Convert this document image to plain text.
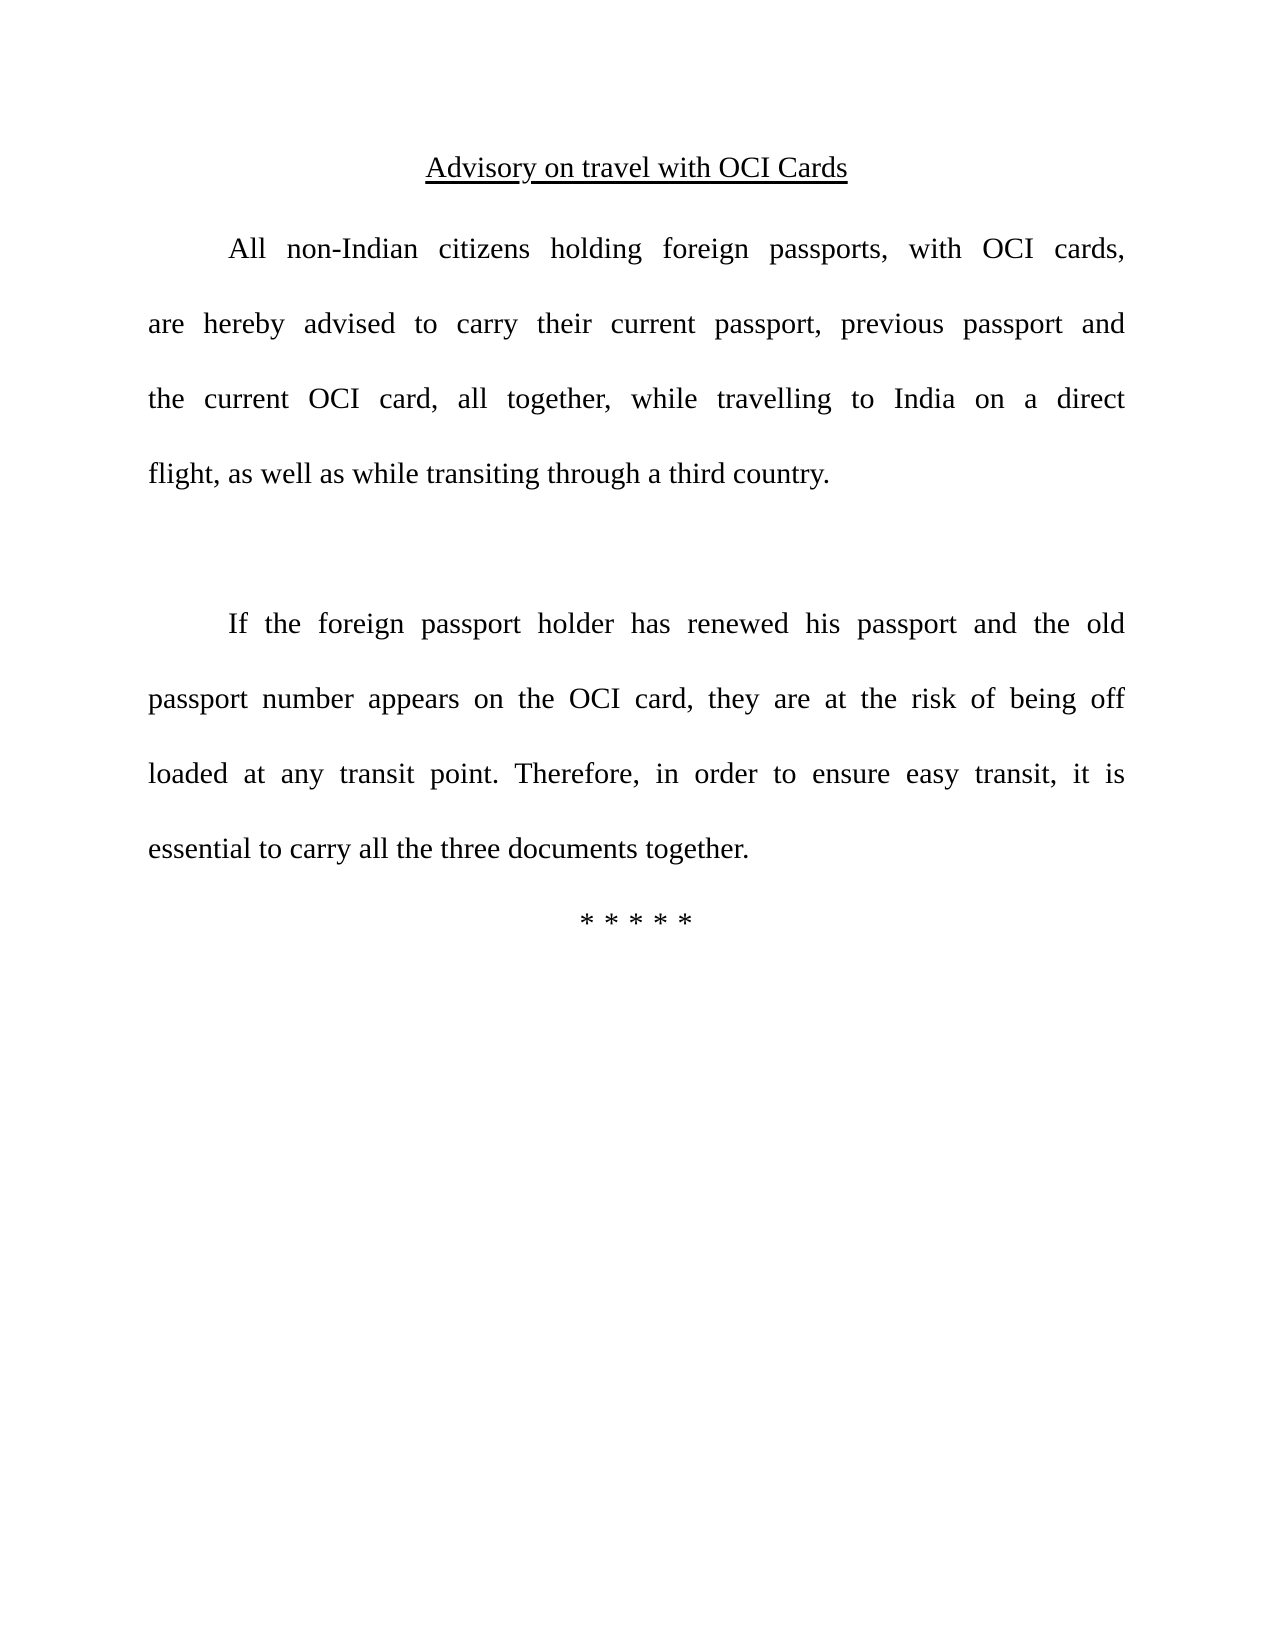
Advisory on travel with OCI Cards
All non-Indian citizens holding foreign passports, with OCI cards,
are hereby advised to carry their current passport, previous passport and
the current OCI card, all together, while travelling to India on a direct
flight, as well as while transiting through a third country.
If the foreign passport holder has renewed his passport and the old
passport number appears on the OCI card, they are at the risk of being off
loaded at any transit point. Therefore, in order to ensure easy transit, it is
essential to carry all the three documents together.
* * * * *
